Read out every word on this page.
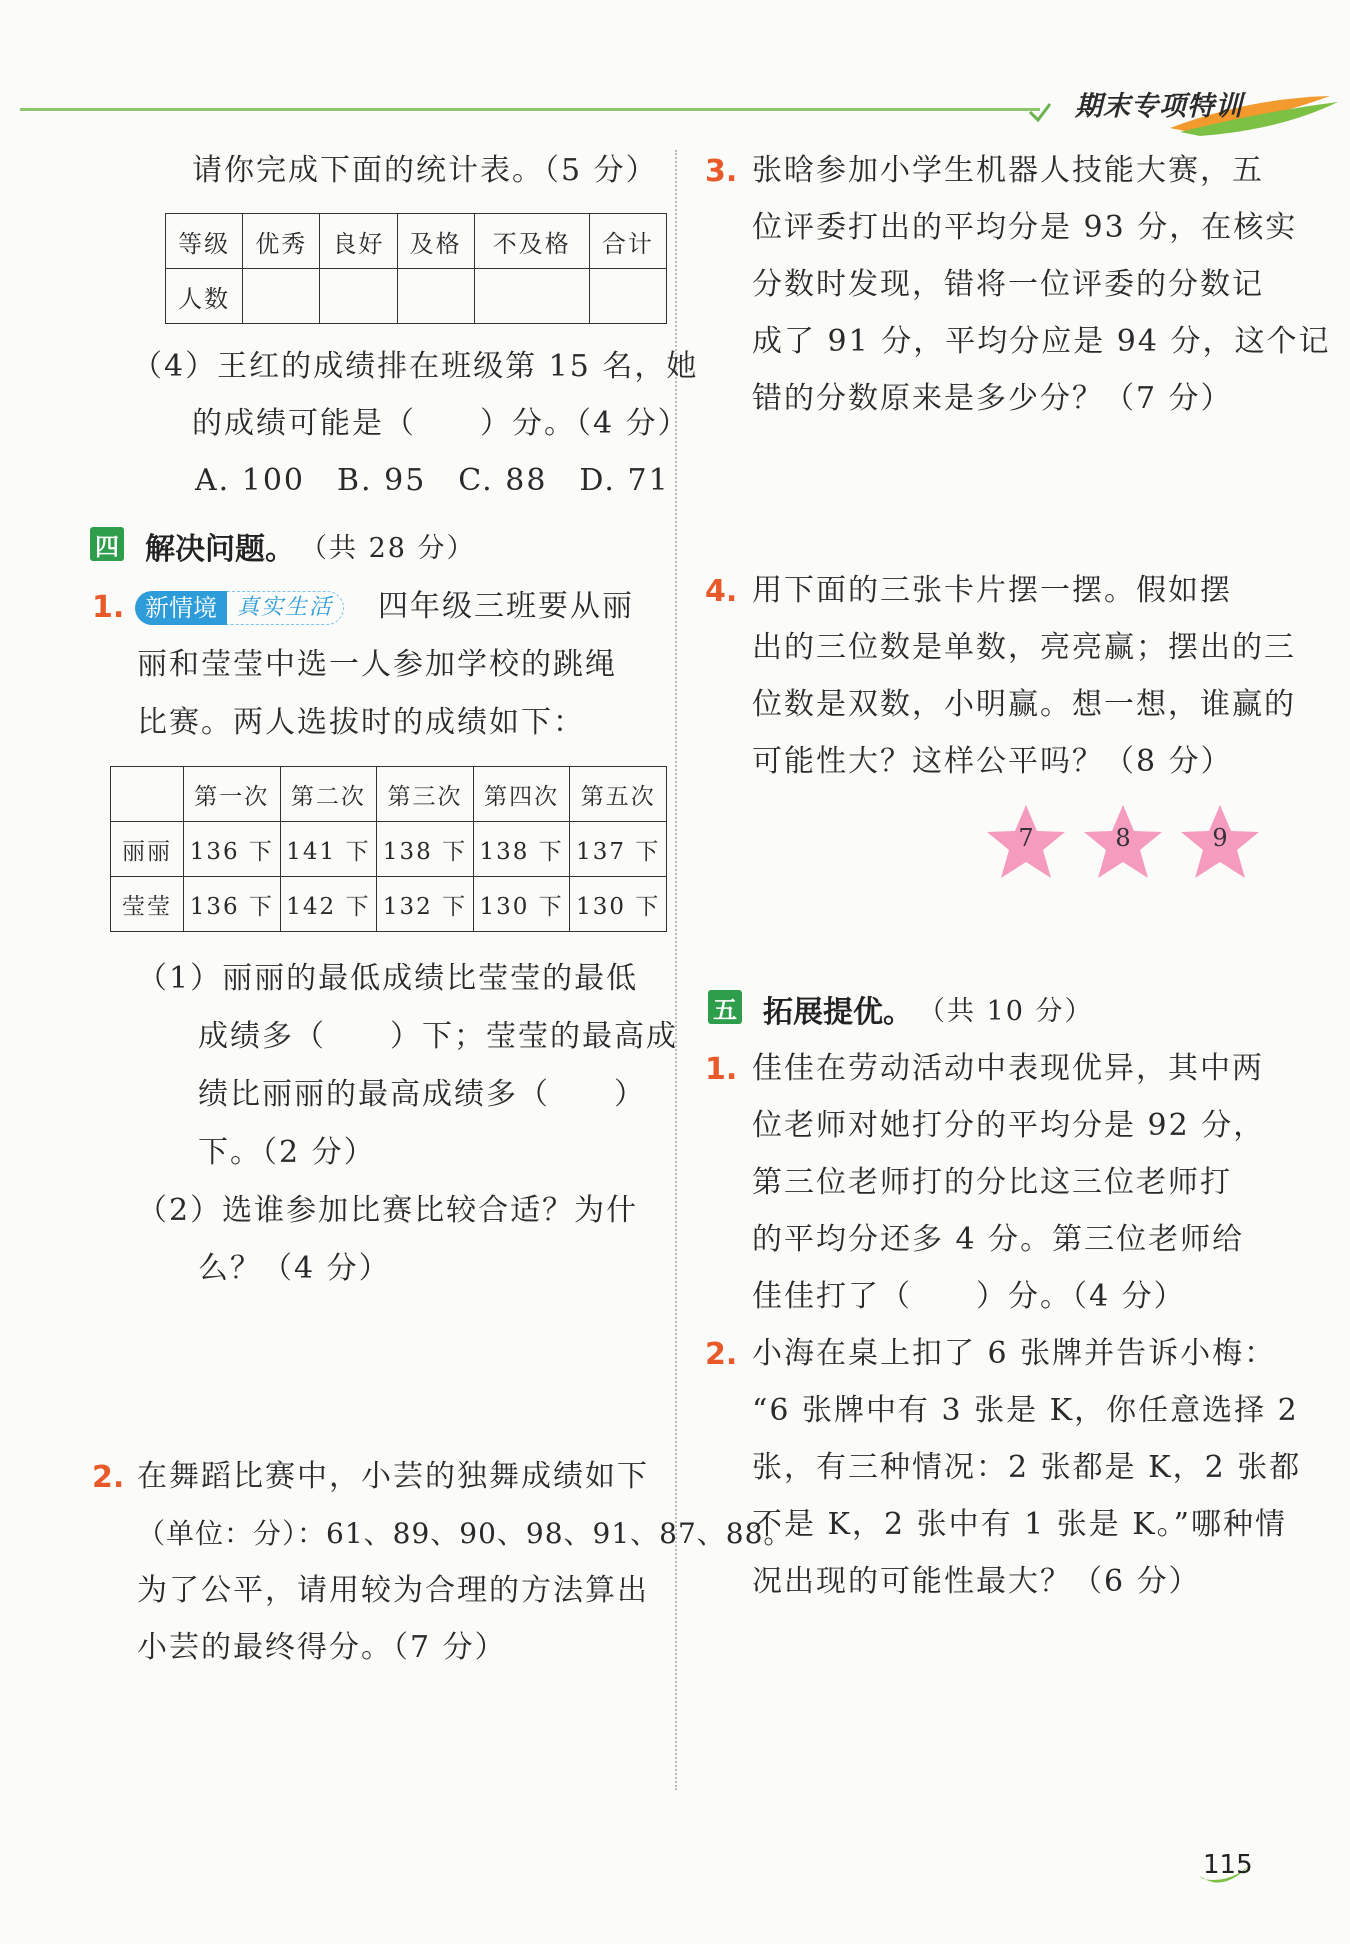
期末专项特训
请你完成下面的统计表。（5 分）
等级	优秀	良好	及格	不及格	合计
人数					
（4）王红的成绩排在班级第 15 名，她
的成绩可能是（　　）分。（4 分）
A. 100　B. 95　C. 88　D. 71
四 解决问题。 （共 28 分）
1. 新情境 真实生活	四年级三班要从丽
丽和莹莹中选一人参加学校的跳绳
比赛。两人选拔时的成绩如下：
	第一次	第二次	第三次	第四次	第五次
丽丽	136 下	141 下	138 下	138 下	137 下
莹莹	136 下	142 下	132 下	130 下	130 下
（1）丽丽的最低成绩比莹莹的最低
成绩多（　　）下；莹莹的最高成
绩比丽丽的最高成绩多（　　）
下。（2 分）
（2）选谁参加比赛比较合适？为什
么？（4 分）
2. 在舞蹈比赛中，小芸的独舞成绩如下
（单位：分）：61、89、90、98、91、87、88。
为了公平，请用较为合理的方法算出
小芸的最终得分。（7 分）
3. 张晗参加小学生机器人技能大赛，五
位评委打出的平均分是 93 分，在核实
分数时发现，错将一位评委的分数记
成了 91 分，平均分应是 94 分，这个记
错的分数原来是多少分？（7 分）
4. 用下面的三张卡片摆一摆。假如摆
出的三位数是单数，亮亮赢；摆出的三
位数是双数，小明赢。想一想，谁赢的
可能性大？这样公平吗？（8 分）
7	8	9
五 拓展提优。 （共 10 分）
1. 佳佳在劳动活动中表现优异，其中两
位老师对她打分的平均分是 92 分，
第三位老师打的分比这三位老师打
的平均分还多 4 分。第三位老师给
佳佳打了（　　）分。（4 分）
2. 小海在桌上扣了 6 张牌并告诉小梅：
“6 张牌中有 3 张是 K，你任意选择 2
张，有三种情况：2 张都是 K，2 张都
不是 K，2 张中有 1 张是 K。”哪种情
况出现的可能性最大？（6 分）
115
